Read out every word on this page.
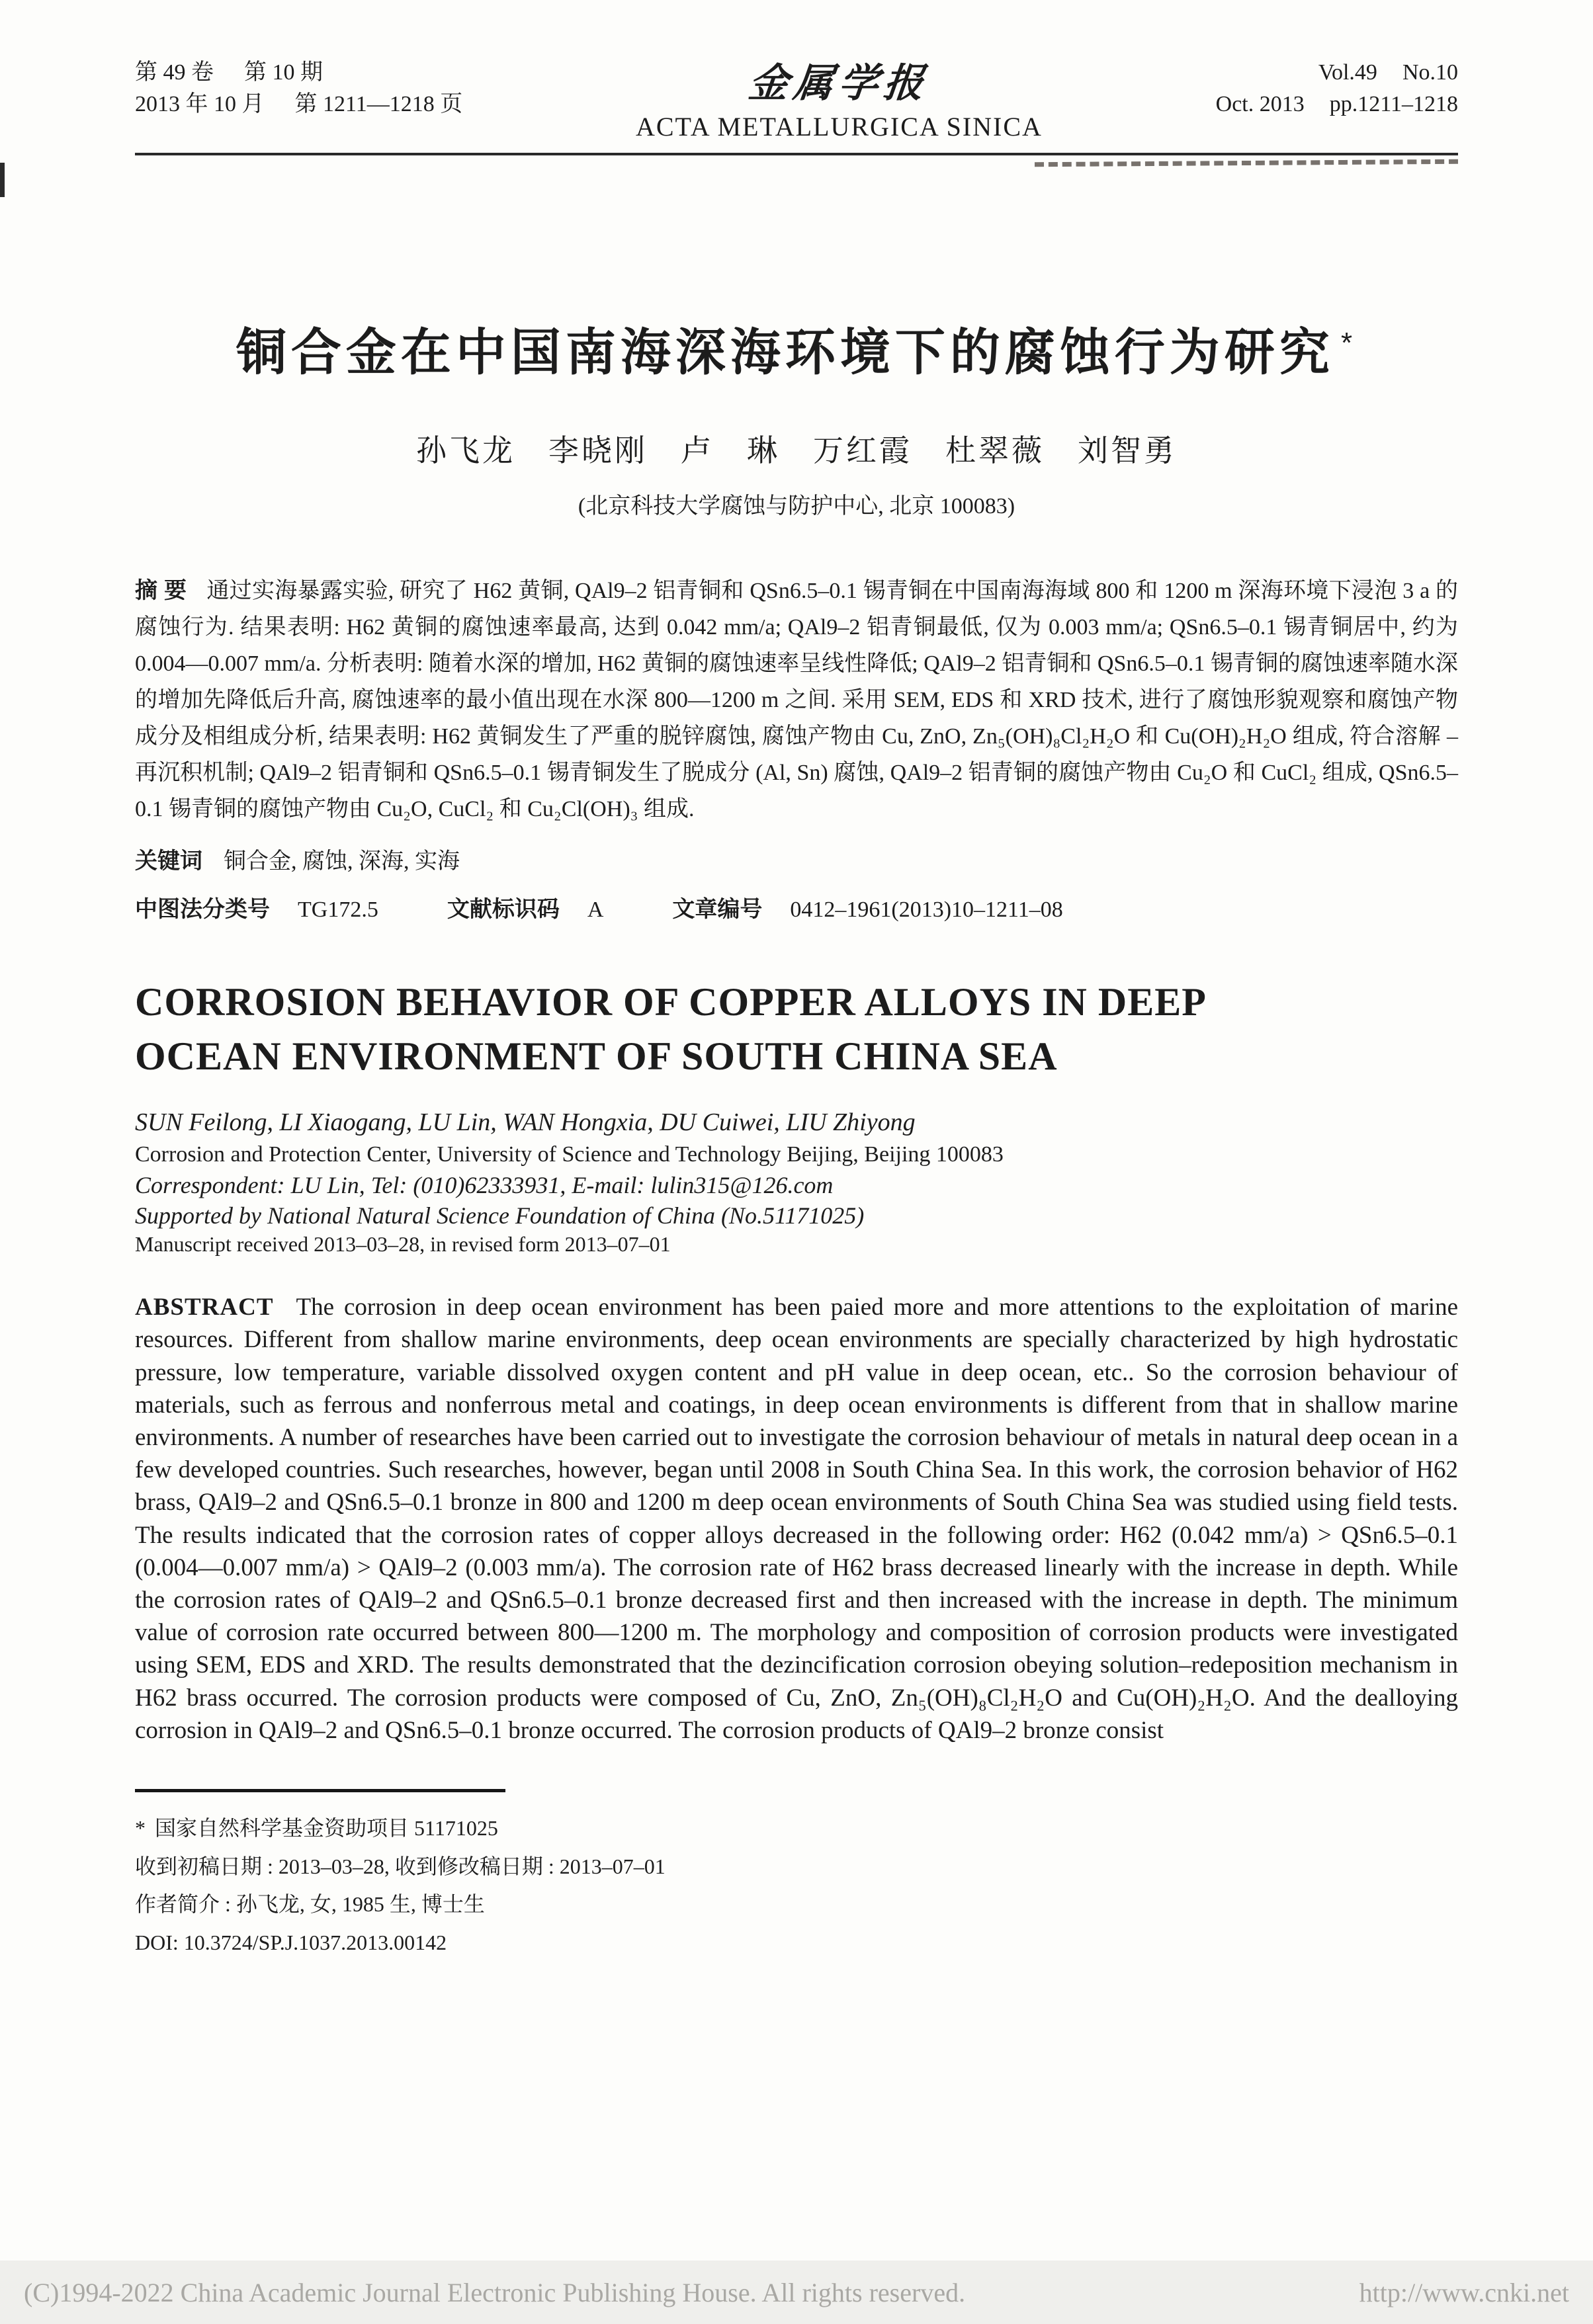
第 49 卷 第 10 期
2013 年 10 月 第 1211—1218 页	金属学报
ACTA METALLURGICA SINICA
Vol.49 No.10
Oct. 2013 pp.1211–1218
铜合金在中国南海深海环境下的腐蚀行为研究 *
孙飞龙　李晓刚　卢　琳　万红霞　杜翠薇　刘智勇
(北京科技大学腐蚀与防护中心, 北京 100083)

摘 要 通过实海暴露实验, 研究了 H62 黄铜, QAl9–2 铝青铜和 QSn6.5–0.1 锡青铜在中国南海海域 800 和 1200 m 深海环境下浸泡 3 a 的腐蚀行为. 结果表明: H62 黄铜的腐蚀速率最高, 达到 0.042 mm/a; QAl9–2 铝青铜最低, 仅为 0.003 mm/a; QSn6.5–0.1 锡青铜居中, 约为 0.004—0.007 mm/a. 分析表明: 随着水深的增加, H62 黄铜的腐蚀速率呈线性降低; QAl9–2 铝青铜和 QSn6.5–0.1 锡青铜的腐蚀速率随水深的增加先降低后升高, 腐蚀速率的最小值出现在水深 800—1200 m 之间. 采用 SEM, EDS 和 XRD 技术, 进行了腐蚀形貌观察和腐蚀产物成分及相组成分析, 结果表明: H62 黄铜发生了严重的脱锌腐蚀, 腐蚀产物由 Cu, ZnO, Zn₅(OH)₈Cl₂H₂O 和 Cu(OH)₂H₂O 组成, 符合溶解 – 再沉积机制; QAl9–2 铝青铜和 QSn6.5–0.1 锡青铜发生了脱成分 (Al, Sn) 腐蚀, QAl9–2 铝青铜的腐蚀产物由 Cu₂O 和 CuCl₂ 组成, QSn6.5–0.1 锡青铜的腐蚀产物由 Cu₂O, CuCl₂ 和 Cu₂Cl(OH)₃ 组成.

关键词 铜合金, 腐蚀, 深海, 实海
中图法分类号 TG172.5	文献标识码 A	文章编号 0412–1961(2013)10–1211–08
CORROSION BEHAVIOR OF COPPER ALLOYS IN DEEP
OCEAN ENVIRONMENT OF SOUTH CHINA SEA
SUN Feilong, LI Xiaogang, LU Lin, WAN Hongxia, DU Cuiwei, LIU Zhiyong
Corrosion and Protection Center, University of Science and Technology Beijing, Beijing 100083
Correspondent: LU Lin, Tel: (010)62333931, E-mail: lulin315@126.com
Supported by National Natural Science Foundation of China (No.51171025)
Manuscript received 2013–03–28, in revised form 2013–07–01

ABSTRACT The corrosion in deep ocean environment has been paied more and more attentions to the exploitation of marine resources. Different from shallow marine environments, deep ocean environments are specially characterized by high hydrostatic pressure, low temperature, variable dissolved oxygen content and pH value in deep ocean, etc.. So the corrosion behaviour of materials, such as ferrous and nonferrous metal and coatings, in deep ocean environments is different from that in shallow marine environments. A number of researches have been carried out to investigate the corrosion behaviour of metals in natural deep ocean in a few developed countries. Such researches, however, began until 2008 in South China Sea. In this work, the corrosion behavior of H62 brass, QAl9–2 and QSn6.5–0.1 bronze in 800 and 1200 m deep ocean environments of South China Sea was studied using field tests. The results indicated that the corrosion rates of copper alloys decreased in the following order: H62 (0.042 mm/a) > QSn6.5–0.1 (0.004—0.007 mm/a) > QAl9–2 (0.003 mm/a). The corrosion rate of H62 brass decreased linearly with the increase in depth. While the corrosion rates of QAl9–2 and QSn6.5–0.1 bronze decreased first and then increased with the increase in depth. The minimum value of corrosion rate occurred between 800—1200 m. The morphology and composition of corrosion products were investigated using SEM, EDS and XRD. The results demonstrated that the dezincification corrosion obeying solution–redeposition mechanism in H62 brass occurred. The corrosion products were composed of Cu, ZnO, Zn₅(OH)₈Cl₂H₂O and Cu(OH)₂H₂O. And the dealloying corrosion in QAl9–2 and QSn6.5–0.1 bronze occurred. The corrosion products of QAl9–2 bronze consist

* 国家自然科学基金资助项目 51171025
收到初稿日期 : 2013–03–28, 收到修改稿日期 : 2013–07–01
作者简介 : 孙飞龙, 女, 1985 生, 博士生
DOI: 10.3724/SP.J.1037.2013.00142
(C)1994-2022 China Academic Journal Electronic Publishing House. All rights reserved.	http://www.cnki.net
